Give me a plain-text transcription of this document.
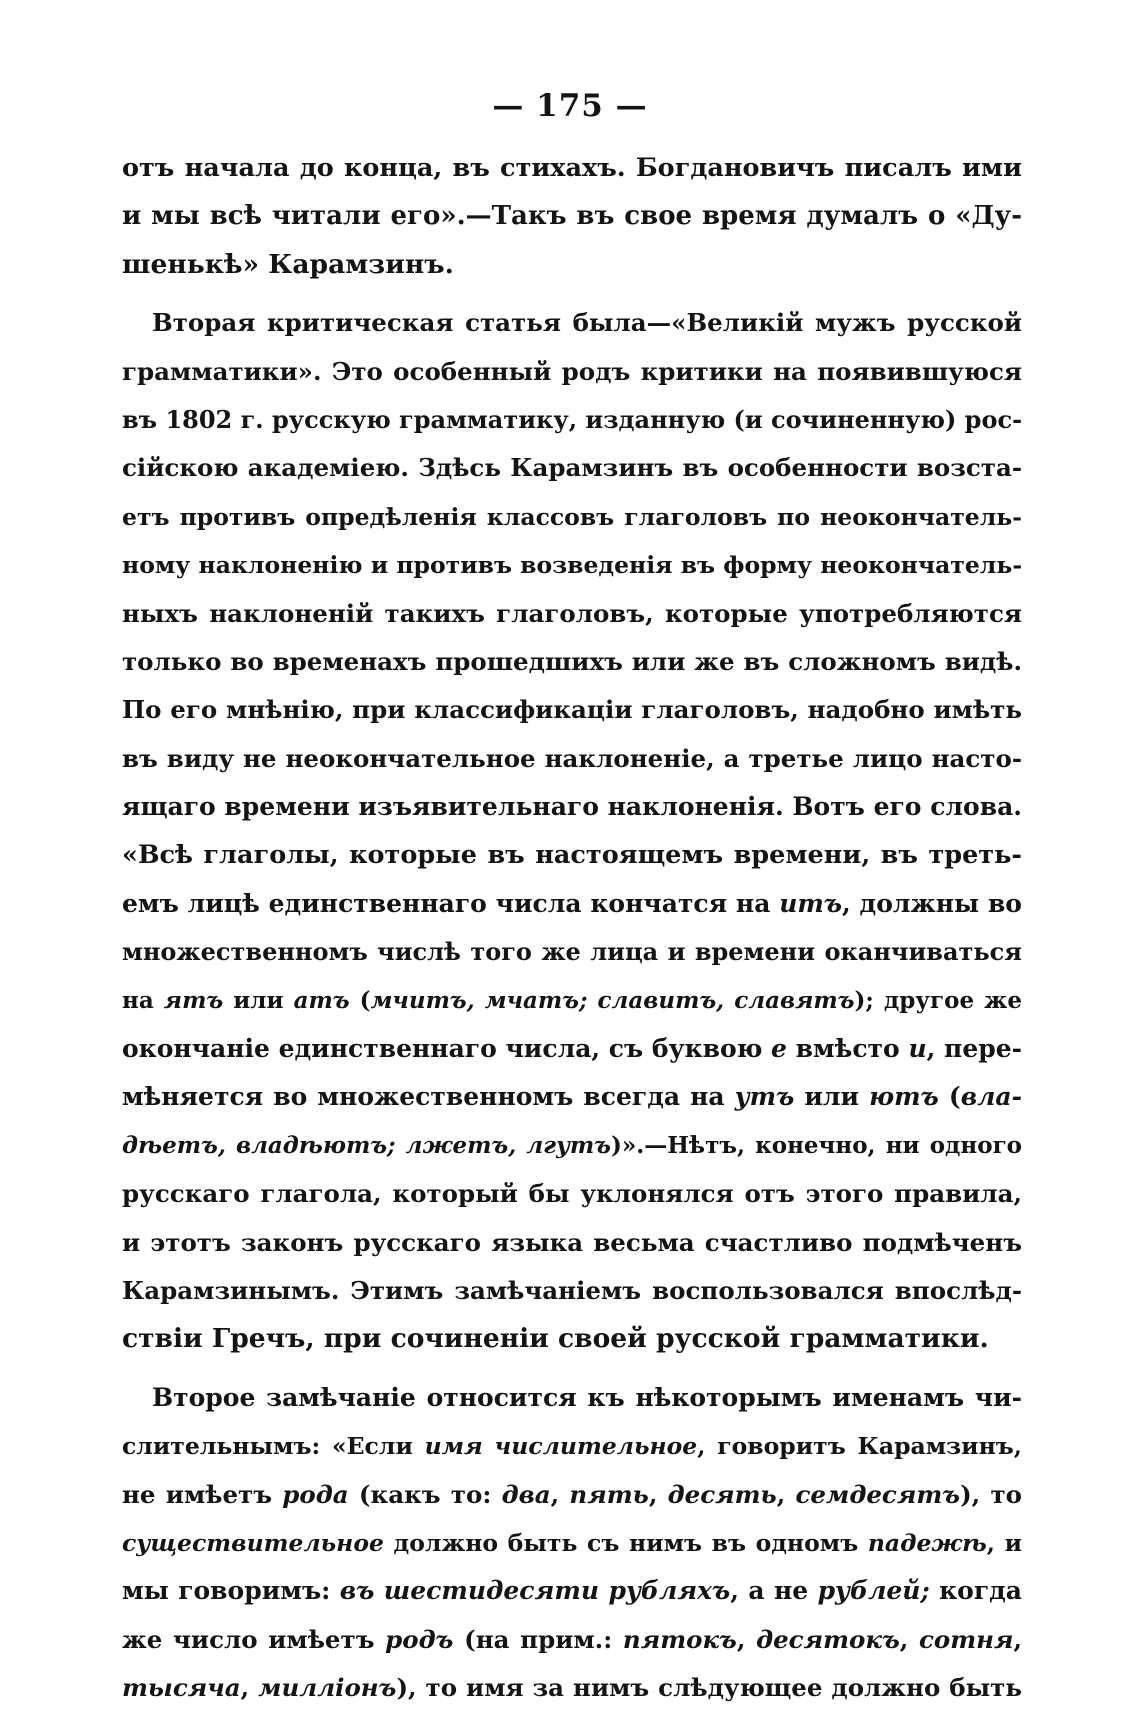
— 175 —
отъ начала до конца, въ стихахъ. Богдановичъ писалъ ими
и мы всѣ читали его».—Такъ въ свое время думалъ о «Ду-
шенькѣ» Карамзинъ.
Вторая критическая статья была—«Великій мужъ русской
грамматики». Это особенный родъ критики на появившуюся
въ 1802 г. русскую грамматику, изданную (и сочиненную) рос-
сійскою академіею. Здѣсь Карамзинъ въ особенности возста-
етъ противъ опредѣленія классовъ глаголовъ по неокончатель-
ному наклоненію и противъ возведенія въ форму неокончатель-
ныхъ наклоненій такихъ глаголовъ, которые употребляются
только во временахъ прошедшихъ или же въ сложномъ видѣ.
По его мнѣнію, при классификаціи глаголовъ, надобно имѣть
въ виду не неокончательное наклоненіе, а третье лицо насто-
ящаго времени изъявительнаго наклоненія. Вотъ его слова.
«Всѣ глаголы, которые въ настоящемъ времени, въ треть-
емъ лицѣ единственнаго числа кончатся на итъ, должны во
множественномъ числѣ того же лица и времени оканчиваться
на ятъ или атъ (мчитъ, мчатъ; славитъ, славятъ); другое же
окончаніе единственнаго числа, съ буквою е вмѣсто и, пере-
мѣняется во множественномъ всегда на утъ или ютъ (вла-
дѣетъ, владѣютъ; лжетъ, лгутъ)».—Нѣтъ, конечно, ни одного
русскаго глагола, который бы уклонялся отъ этого правила,
и этотъ законъ русскаго языка весьма счастливо подмѣченъ
Карамзинымъ. Этимъ замѣчаніемъ воспользовался впослѣд-
ствіи Гречъ, при сочиненіи своей русской грамматики.
Второе замѣчаніе относится къ нѣкоторымъ именамъ чи-
слительнымъ: «Если имя числительное, говоритъ Карамзинъ,
не имѣетъ рода (какъ то: два, пять, десять, семдесятъ), то
существительное должно быть съ нимъ въ одномъ падежѣ, и
мы говоримъ: въ шестидесяти рубляхъ, а не рублей; когда
же число имѣетъ родъ (на прим.: пятокъ, десятокъ, сотня,
тысяча, милліонъ), то имя за нимъ слѣдующее должно быть
